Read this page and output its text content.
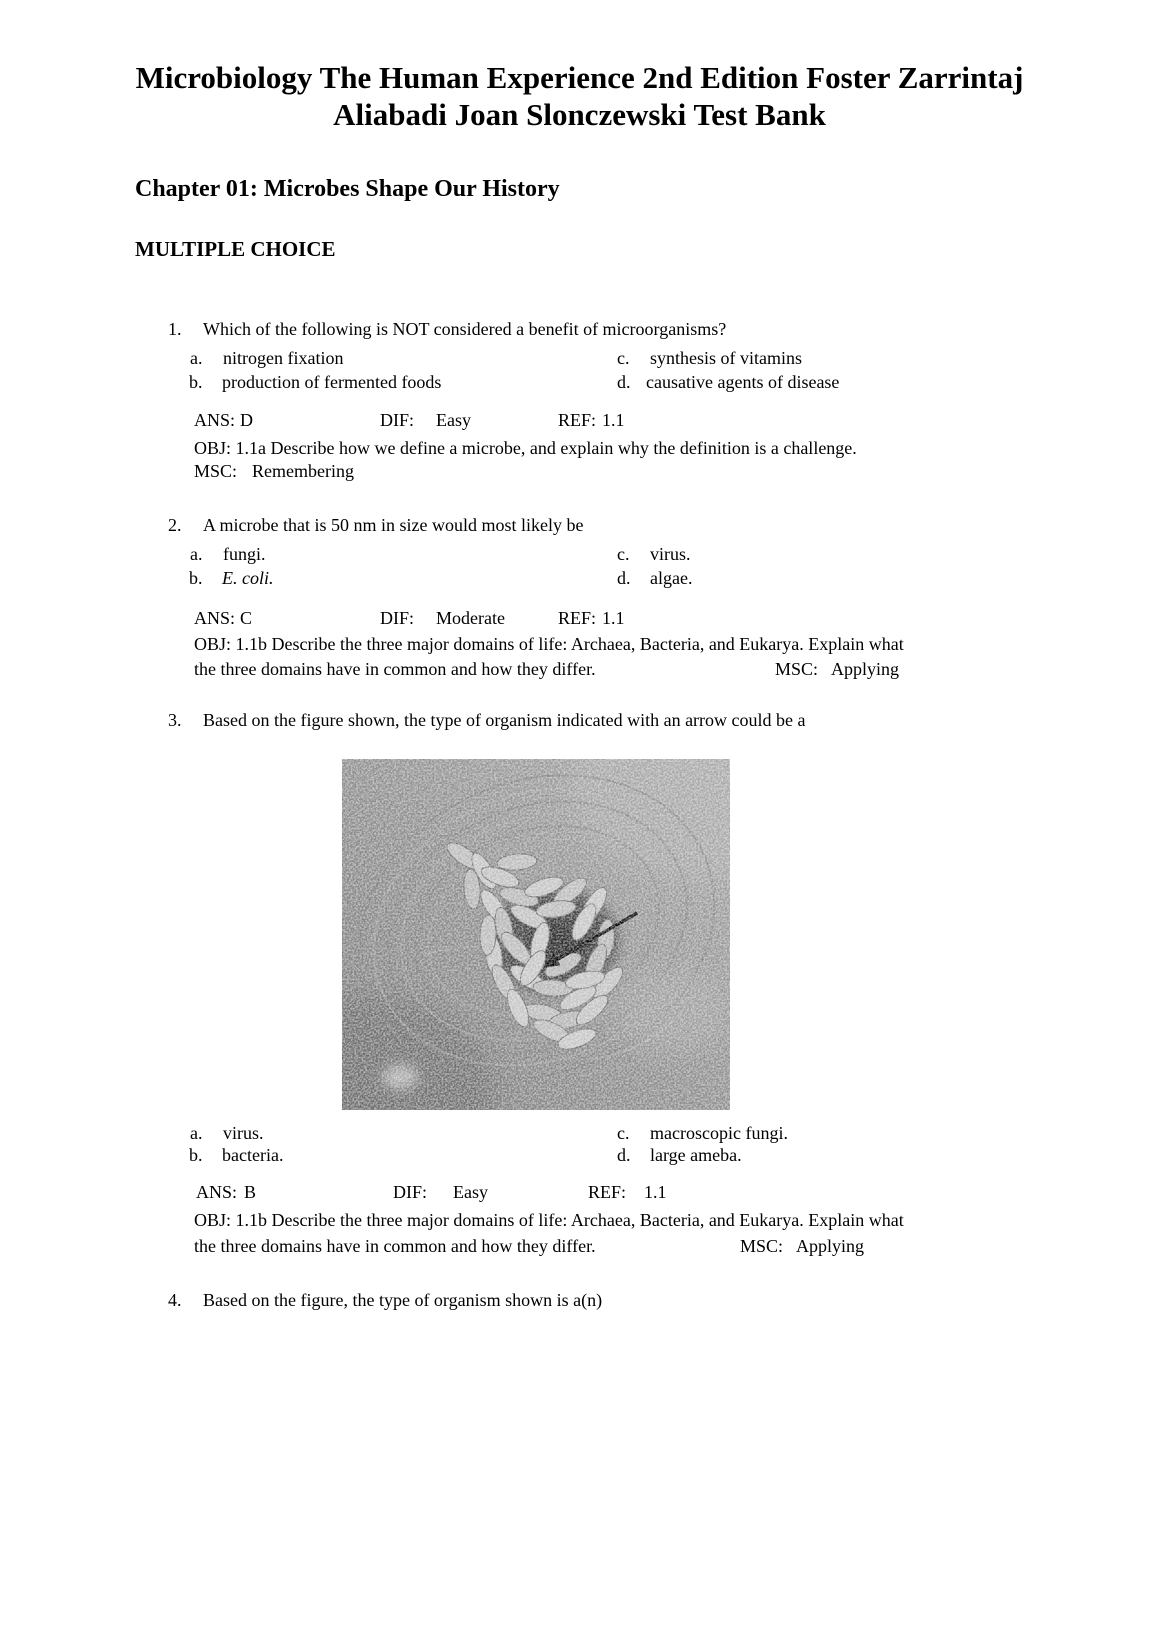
Microbiology The Human Experience 2nd Edition Foster Zarrintaj
Aliabadi Joan Slonczewski Test Bank
Chapter 01: Microbes Shape Our History
MULTIPLE CHOICE
1. Which of the following is NOT considered a benefit of microorganisms?
a. nitrogen fixation	c. synthesis of vitamins
b. production of fermented foods	d. causative agents of disease
ANS: D	DIF: Easy	REF: 1.1
OBJ: 1.1a Describe how we define a microbe, and explain why the definition is a challenge.
MSC: Remembering
2. A microbe that is 50 nm in size would most likely be
a. fungi.	c. virus.
b. E. coli.	d. algae.
ANS: C	DIF: Moderate	REF: 1.1
OBJ: 1.1b Describe the three major domains of life: Archaea, Bacteria, and Eukarya. Explain what
the three domains have in common and how they differ.	MSC: Applying
3. Based on the figure shown, the type of organism indicated with an arrow could be a
a. virus.	c. macroscopic fungi.
b. bacteria.	d. large ameba.
ANS: B	DIF: Easy	REF: 1.1
OBJ: 1.1b Describe the three major domains of life: Archaea, Bacteria, and Eukarya. Explain what
the three domains have in common and how they differ.	MSC: Applying
4. Based on the figure, the type of organism shown is a(n)
